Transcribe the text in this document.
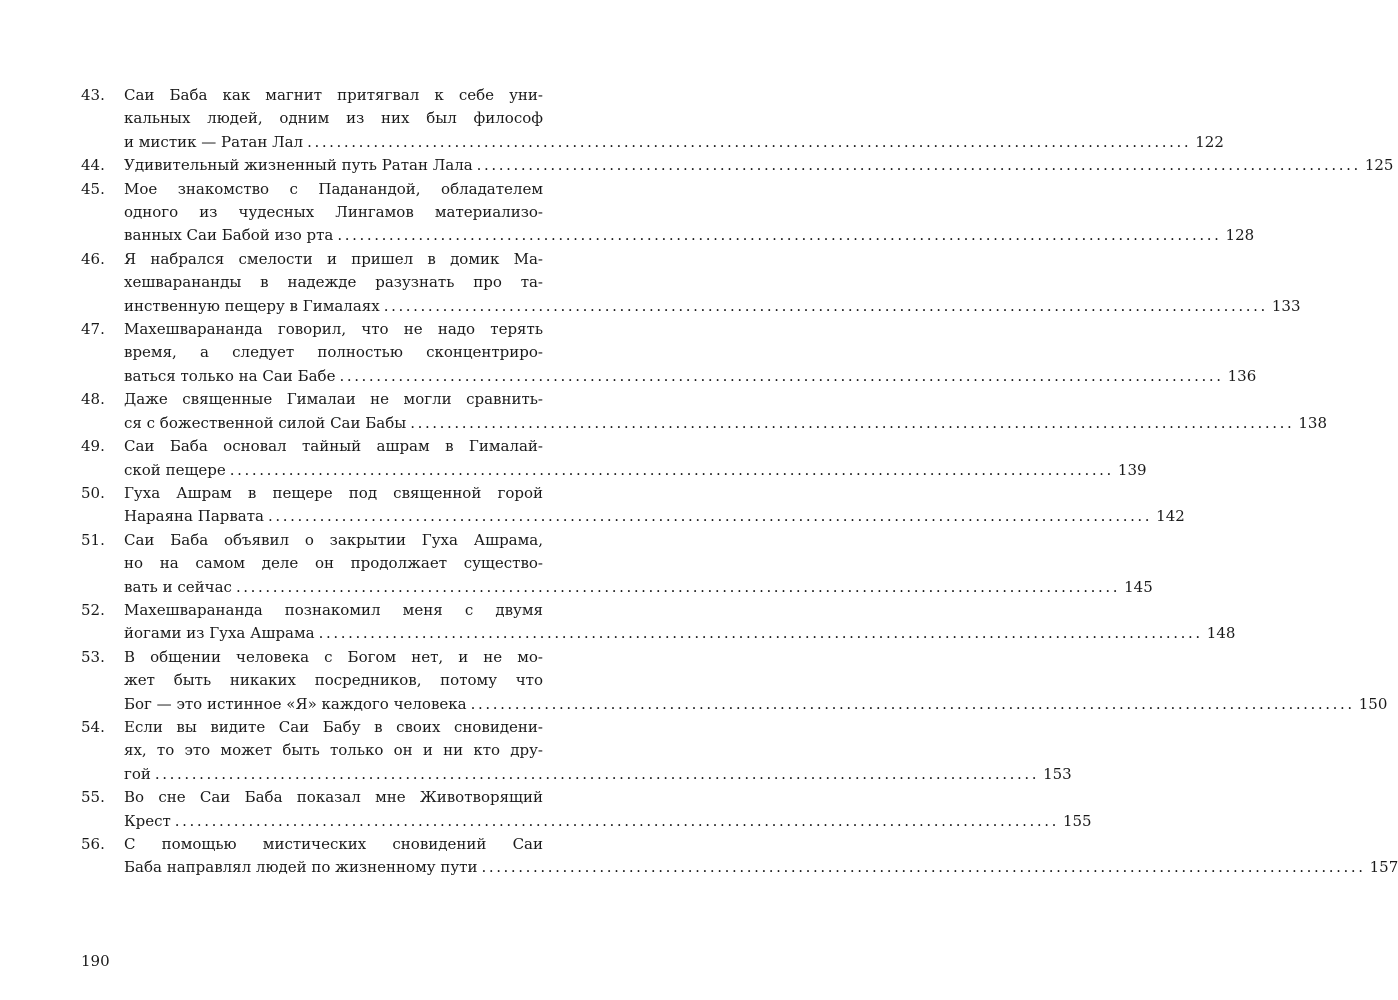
43.	Саи Баба как магнит притягвал к себе уни-
кальных людей, одним из них был философ
и мистик — Ратан Лал ........................................................................................................................ 122
44.	Удивительный жизненный путь Ратан Лала ........................................................................................................................ 125
45.	Мое знакомство с Паданандой, обладателем
одного из чудесных Лингамов материализо-
ванных Саи Бабой изо рта ........................................................................................................................ 128
46.	Я набрался смелости и пришел в домик Ма-
хешварананды в надежде разузнать про та-
инственную пещеру в Гималаях ........................................................................................................................ 133
47.	Махешварананда говорил, что не надо терять
время, а следует полностью сконцентриро-
ваться только на Саи Бабе ........................................................................................................................ 136
48.	Даже священные Гималаи не могли сравнить-
ся с божественной силой Саи Бабы ........................................................................................................................ 138
49.	Саи Баба основал тайный ашрам в Гималай-
ской пещере ........................................................................................................................ 139
50.	Гуха Ашрам в пещере под священной горой
Нараяна Парвата ........................................................................................................................ 142
51.	Саи Баба объявил о закрытии Гуха Ашрама,
но на самом деле он продолжает существо-
вать и сейчас ........................................................................................................................ 145
52.	Махешварананда познакомил меня с двумя
йогами из Гуха Ашрама ........................................................................................................................ 148
53.	В общении человека с Богом нет, и не мо-
жет быть никаких посредников, потому что
Бог — это истинное «Я» каждого человека ........................................................................................................................ 150
54.	Если вы видите Саи Бабу в своих сновидени-
ях, то это может быть только он и ни кто дру-
гой ........................................................................................................................ 153
55.	Во сне Саи Баба показал мне Животворящий
Крест ........................................................................................................................ 155
56.	С помощью мистических сновидений Саи
Баба направлял людей по жизненному пути ........................................................................................................................ 157
190
